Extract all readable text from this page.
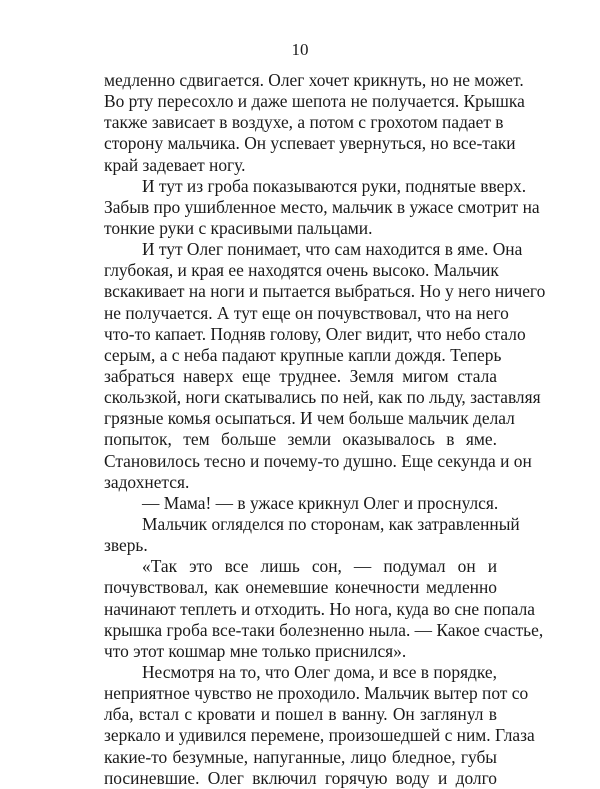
10
медленно сдвигается. Олег хочет крикнуть, но не может.
Во рту пересохло и даже шепота не получается. Крышка
также зависает в воздухе, а потом с грохотом падает в
сторону мальчика. Он успевает увернуться, но все-таки
край задевает ногу.
И тут из гроба показываются руки, поднятые вверх.
Забыв про ушибленное место, мальчик в ужасе смотрит на
тонкие руки с красивыми пальцами.
И тут Олег понимает, что сам находится в яме. Она
глубокая, и края ее находятся очень высоко. Мальчик
вскакивает на ноги и пытается выбраться. Но у него ничего
не получается. А тут еще он почувствовал, что на него
что-то капает. Подняв голову, Олег видит, что небо стало
серым, а с неба падают крупные капли дождя. Теперь
забраться наверх еще труднее. Земля мигом стала
скользкой, ноги скатывались по ней, как по льду, заставляя
грязные комья осыпаться. И чем больше мальчик делал
попыток, тем больше земли оказывалось в яме.
Становилось тесно и почему-то душно. Еще секунда и он
задохнется.
— Мама! — в ужасе крикнул Олег и проснулся.
Мальчик огляделся по сторонам, как затравленный
зверь.
«Так это все лишь сон, — подумал он и
почувствовал, как онемевшие конечности медленно
начинают теплеть и отходить. Но нога, куда во сне попала
крышка гроба все-таки болезненно ныла. — Какое счастье,
что этот кошмар мне только приснился».
Несмотря на то, что Олег дома, и все в порядке,
неприятное чувство не проходило. Мальчик вытер пот со
лба, встал с кровати и пошел в ванну. Он заглянул в
зеркало и удивился перемене, произошедшей с ним. Глаза
какие-то безумные, напуганные, лицо бледное, губы
посиневшие. Олег включил горячую воду и долго
